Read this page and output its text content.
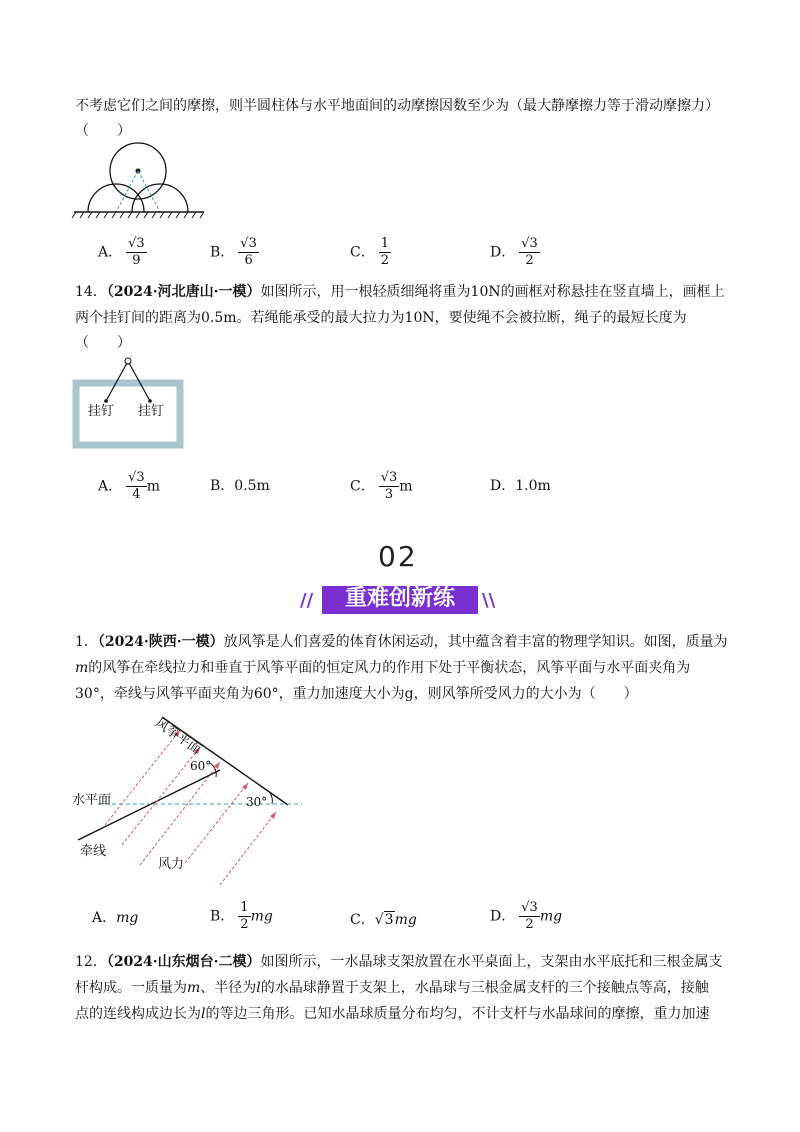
不考虑它们之间的摩擦，则半圆柱体与水平地面间的动摩擦因数至少为（最大静摩擦力等于滑动摩擦力）
（　　）
A． $\frac{√3}{9}$	B． $\frac{√3}{6}$	C． $\frac{1}{2}$	D． $\frac{√3}{2}$
14．（2024·河北唐山·一模）如图所示，用一根轻质细绳将重为10N的画框对称悬挂在竖直墙上，画框上
两个挂钉间的距离为0.5m。若绳能承受的最大拉力为10N，要使绳不会被拉断，绳子的最短长度为
（　　）
挂钉 挂钉
A． $\frac{√3}{4}$ m	B．0.5m	C． $\frac{√3}{3}$ m	D．1.0m
02
重难创新练
//	\\
1．（2024·陕西·一模）放风筝是人们喜爱的体育休闲运动，其中蕴含着丰富的物理学知识。如图，质量为
m的风筝在牵线拉力和垂直于风筝平面的恒定风力的作用下处于平衡状态，风筝平面与水平面夹角为
30°，牵线与风筝平面夹角为60°，重力加速度大小为g，则风筝所受风力的大小为（　　）
风筝平面
60°
30°
水平面
牵线
风力
A．mg	B． $\frac{1}{2}$ mg	C．√3mg	D． $\frac{√3}{2}$ mg
12．（2024·山东烟台·二模）如图所示，一水晶球支架放置在水平桌面上，支架由水平底托和三根金属支
杆构成。一质量为m、半径为l的水晶球静置于支架上，水晶球与三根金属支杆的三个接触点等高，接触
点的连线构成边长为l的等边三角形。已知水晶球质量分布均匀，不计支杆与水晶球间的摩擦，重力加速
